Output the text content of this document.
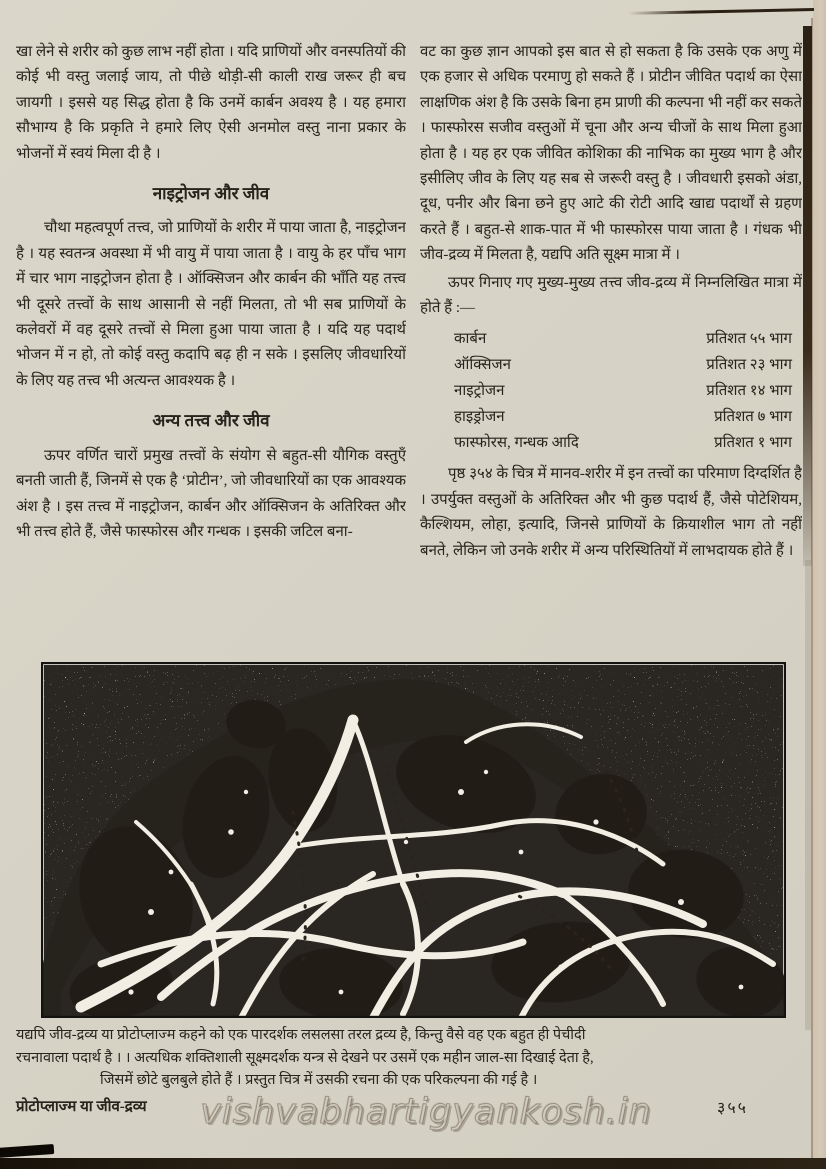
खा लेने से शरीर को कुछ लाभ नहीं होता । यदि प्राणियों और वनस्पतियों की कोई भी वस्तु जलाई जाय, तो पीछे थोड़ी-सी काली राख जरूर ही बच जायगी । इससे यह सिद्ध होता है कि उनमें कार्बन अवश्य है । यह हमारा सौभाग्य है कि प्रकृति ने हमारे लिए ऐसी अनमोल वस्तु नाना प्रकार के भोजनों में स्वयं मिला दी है ।

नाइट्रोजन और जीव

चौथा महत्वपूर्ण तत्त्व, जो प्राणियों के शरीर में पाया जाता है, नाइट्रोजन है । यह स्वतन्त्र अवस्था में भी वायु में पाया जाता है । वायु के हर पाँच भाग में चार भाग नाइट्रोजन होता है । ऑक्सिजन और कार्बन की भाँति यह तत्त्व भी दूसरे तत्त्वों के साथ आसानी से नहीं मिलता, तो भी सब प्राणियों के कलेवरों में वह दूसरे तत्त्वों से मिला हुआ पाया जाता है । यदि यह पदार्थ भोजन में न हो, तो कोई वस्तु कदापि बढ़ ही न सके । इसलिए जीवधारियों के लिए यह तत्त्व भी अत्यन्त आवश्यक है ।

अन्य तत्त्व और जीव

ऊपर वर्णित चारों प्रमुख तत्त्वों के संयोग से बहुत-सी यौगिक वस्तुएँ बनती जाती हैं, जिनमें से एक है ‘प्रोटीन’, जो जीवधारियों का एक आवश्यक अंश है । इस तत्त्व में नाइट्रोजन, कार्बन और ऑक्सिजन के अतिरिक्त और भी तत्त्व होते हैं, जैसे फास्फोरस और गन्धक । इसकी जटिल बना-

वट का कुछ ज्ञान आपको इस बात से हो सकता है कि उसके एक अणु में एक हजार से अधिक परमाणु हो सकते हैं । प्रोटीन जीवित पदार्थ का ऐसा लाक्षणिक अंश है कि उसके बिना हम प्राणी की कल्पना भी नहीं कर सकते । फास्फोरस सजीव वस्तुओं में चूना और अन्य चीजों के साथ मिला हुआ होता है । यह हर एक जीवित कोशिका की नाभिक का मुख्य भाग है और इसीलिए जीव के लिए यह सब से जरूरी वस्तु है । जीवधारी इसको अंडा, दूध, पनीर और बिना छने हुए आटे की रोटी आदि खाद्य पदार्थों से ग्रहण करते हैं । बहुत-से शाक-पात में भी फास्फोरस पाया जाता है । गंधक भी जीव-द्रव्य में मिलता है, यद्यपि अति सूक्ष्म मात्रा में ।

ऊपर गिनाए गए मुख्य-मुख्य तत्त्व जीव-द्रव्य में निम्नलिखित मात्रा में होते हैं :—

कार्बन	प्रतिशत ५५ भाग
ऑक्सिजन	प्रतिशत २३ भाग
नाइट्रोजन	प्रतिशत १४ भाग
हाइड्रोजन	प्रतिशत ७ भाग
फास्फोरस, गन्धक आदि	प्रतिशत १ भाग

पृष्ठ ३५४ के चित्र में मानव-शरीर में इन तत्त्वों का परिमाण दिग्दर्शित है । उपर्युक्त वस्तुओं के अतिरिक्त और भी कुछ पदार्थ हैं, जैसे पोटेशियम, कैल्शियम, लोहा, इत्यादि, जिनसे प्राणियों के क्रियाशील भाग तो नहीं बनते, लेकिन जो उनके शरीर में अन्य परिस्थितियों में लाभदायक होते हैं ।

यद्यपि जीव-द्रव्य या प्रोटोप्लाज्म कहने को एक पारदर्शक लसलसा तरल द्रव्य है, किन्तु वैसे वह एक बहुत ही पेचीदी
रचनावाला पदार्थ है । । अत्यधिक शक्तिशाली सूक्ष्मदर्शक यन्त्र से देखने पर उसमें एक महीन जाल-सा दिखाई देता है,
जिसमें छोटे बुलबुले होते हैं । प्रस्तुत चित्र में उसकी रचना की एक परिकल्पना की गई है ।
प्रोटोप्लाज्म या जीव-द्रव्य vishvabhartigyankosh.in	३५५
